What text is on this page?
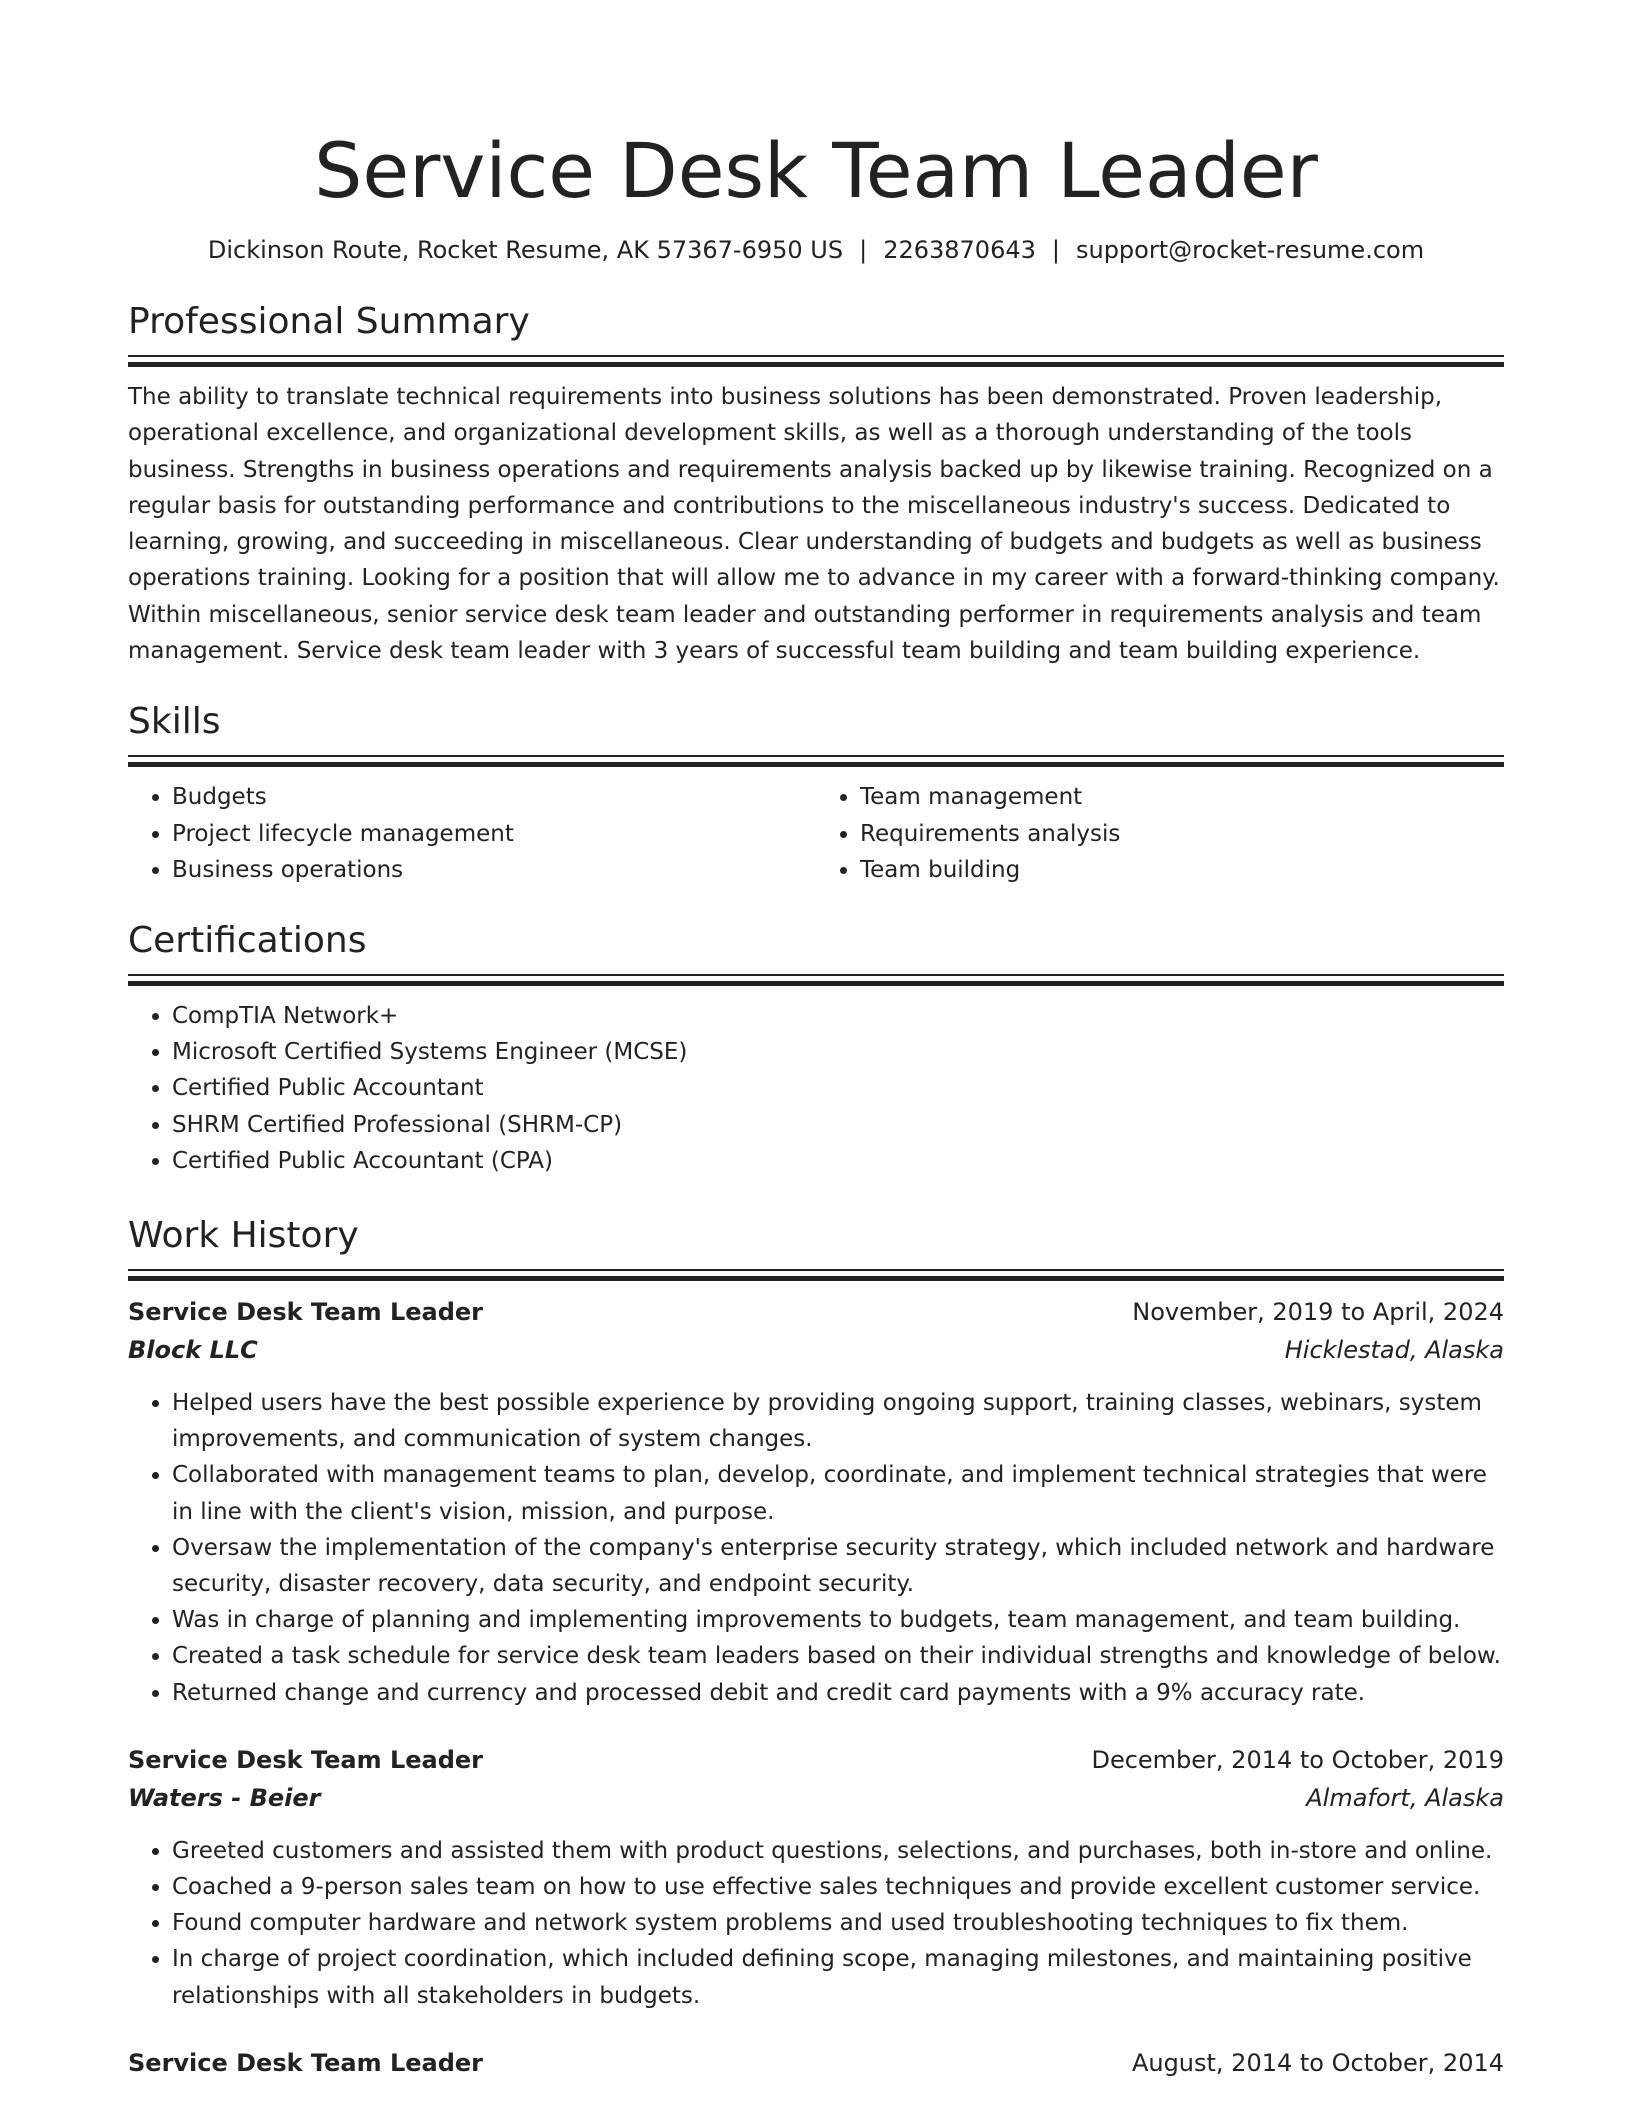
Service Desk Team Leader
Dickinson Route, Rocket Resume, AK 57367-6950 US | 2263870643 | support@rocket-resume.com
Professional Summary

The ability to translate technical requirements into business solutions has been demonstrated. Proven leadership, operational excellence, and organizational development skills, as well as a thorough understanding of the tools business. Strengths in business operations and requirements analysis backed up by likewise training. Recognized on a regular basis for outstanding performance and contributions to the miscellaneous industry's success. Dedicated to learning, growing, and succeeding in miscellaneous. Clear understanding of budgets and budgets as well as business operations training. Looking for a position that will allow me to advance in my career with a forward-thinking company. Within miscellaneous, senior service desk team leader and outstanding performer in requirements analysis and team management. Service desk team leader with 3 years of successful team building and team building experience.

Skills
• Budgets
• Project lifecycle management
• Business operations
• Team management
• Requirements analysis
• Team building
Certifications
• CompTIA Network+
• Microsoft Certified Systems Engineer (MCSE)
• Certified Public Accountant
• SHRM Certified Professional (SHRM-CP)
• Certified Public Accountant (CPA)
Work History
Service Desk Team Leader	November, 2019 to April, 2024
Block LLC	Hicklestad, Alaska
• Helped users have the best possible experience by providing ongoing support, training classes, webinars, system improvements, and communication of system changes.
• Collaborated with management teams to plan, develop, coordinate, and implement technical strategies that were in line with the client's vision, mission, and purpose.
• Oversaw the implementation of the company's enterprise security strategy, which included network and hardware security, disaster recovery, data security, and endpoint security.
• Was in charge of planning and implementing improvements to budgets, team management, and team building.
• Created a task schedule for service desk team leaders based on their individual strengths and knowledge of below.
• Returned change and currency and processed debit and credit card payments with a 9% accuracy rate.
Service Desk Team Leader	December, 2014 to October, 2019
Waters - Beier	Almafort, Alaska
• Greeted customers and assisted them with product questions, selections, and purchases, both in-store and online.
• Coached a 9-person sales team on how to use effective sales techniques and provide excellent customer service.
• Found computer hardware and network system problems and used troubleshooting techniques to fix them.
• In charge of project coordination, which included defining scope, managing milestones, and maintaining positive relationships with all stakeholders in budgets.
Service Desk Team Leader	August, 2014 to October, 2014
